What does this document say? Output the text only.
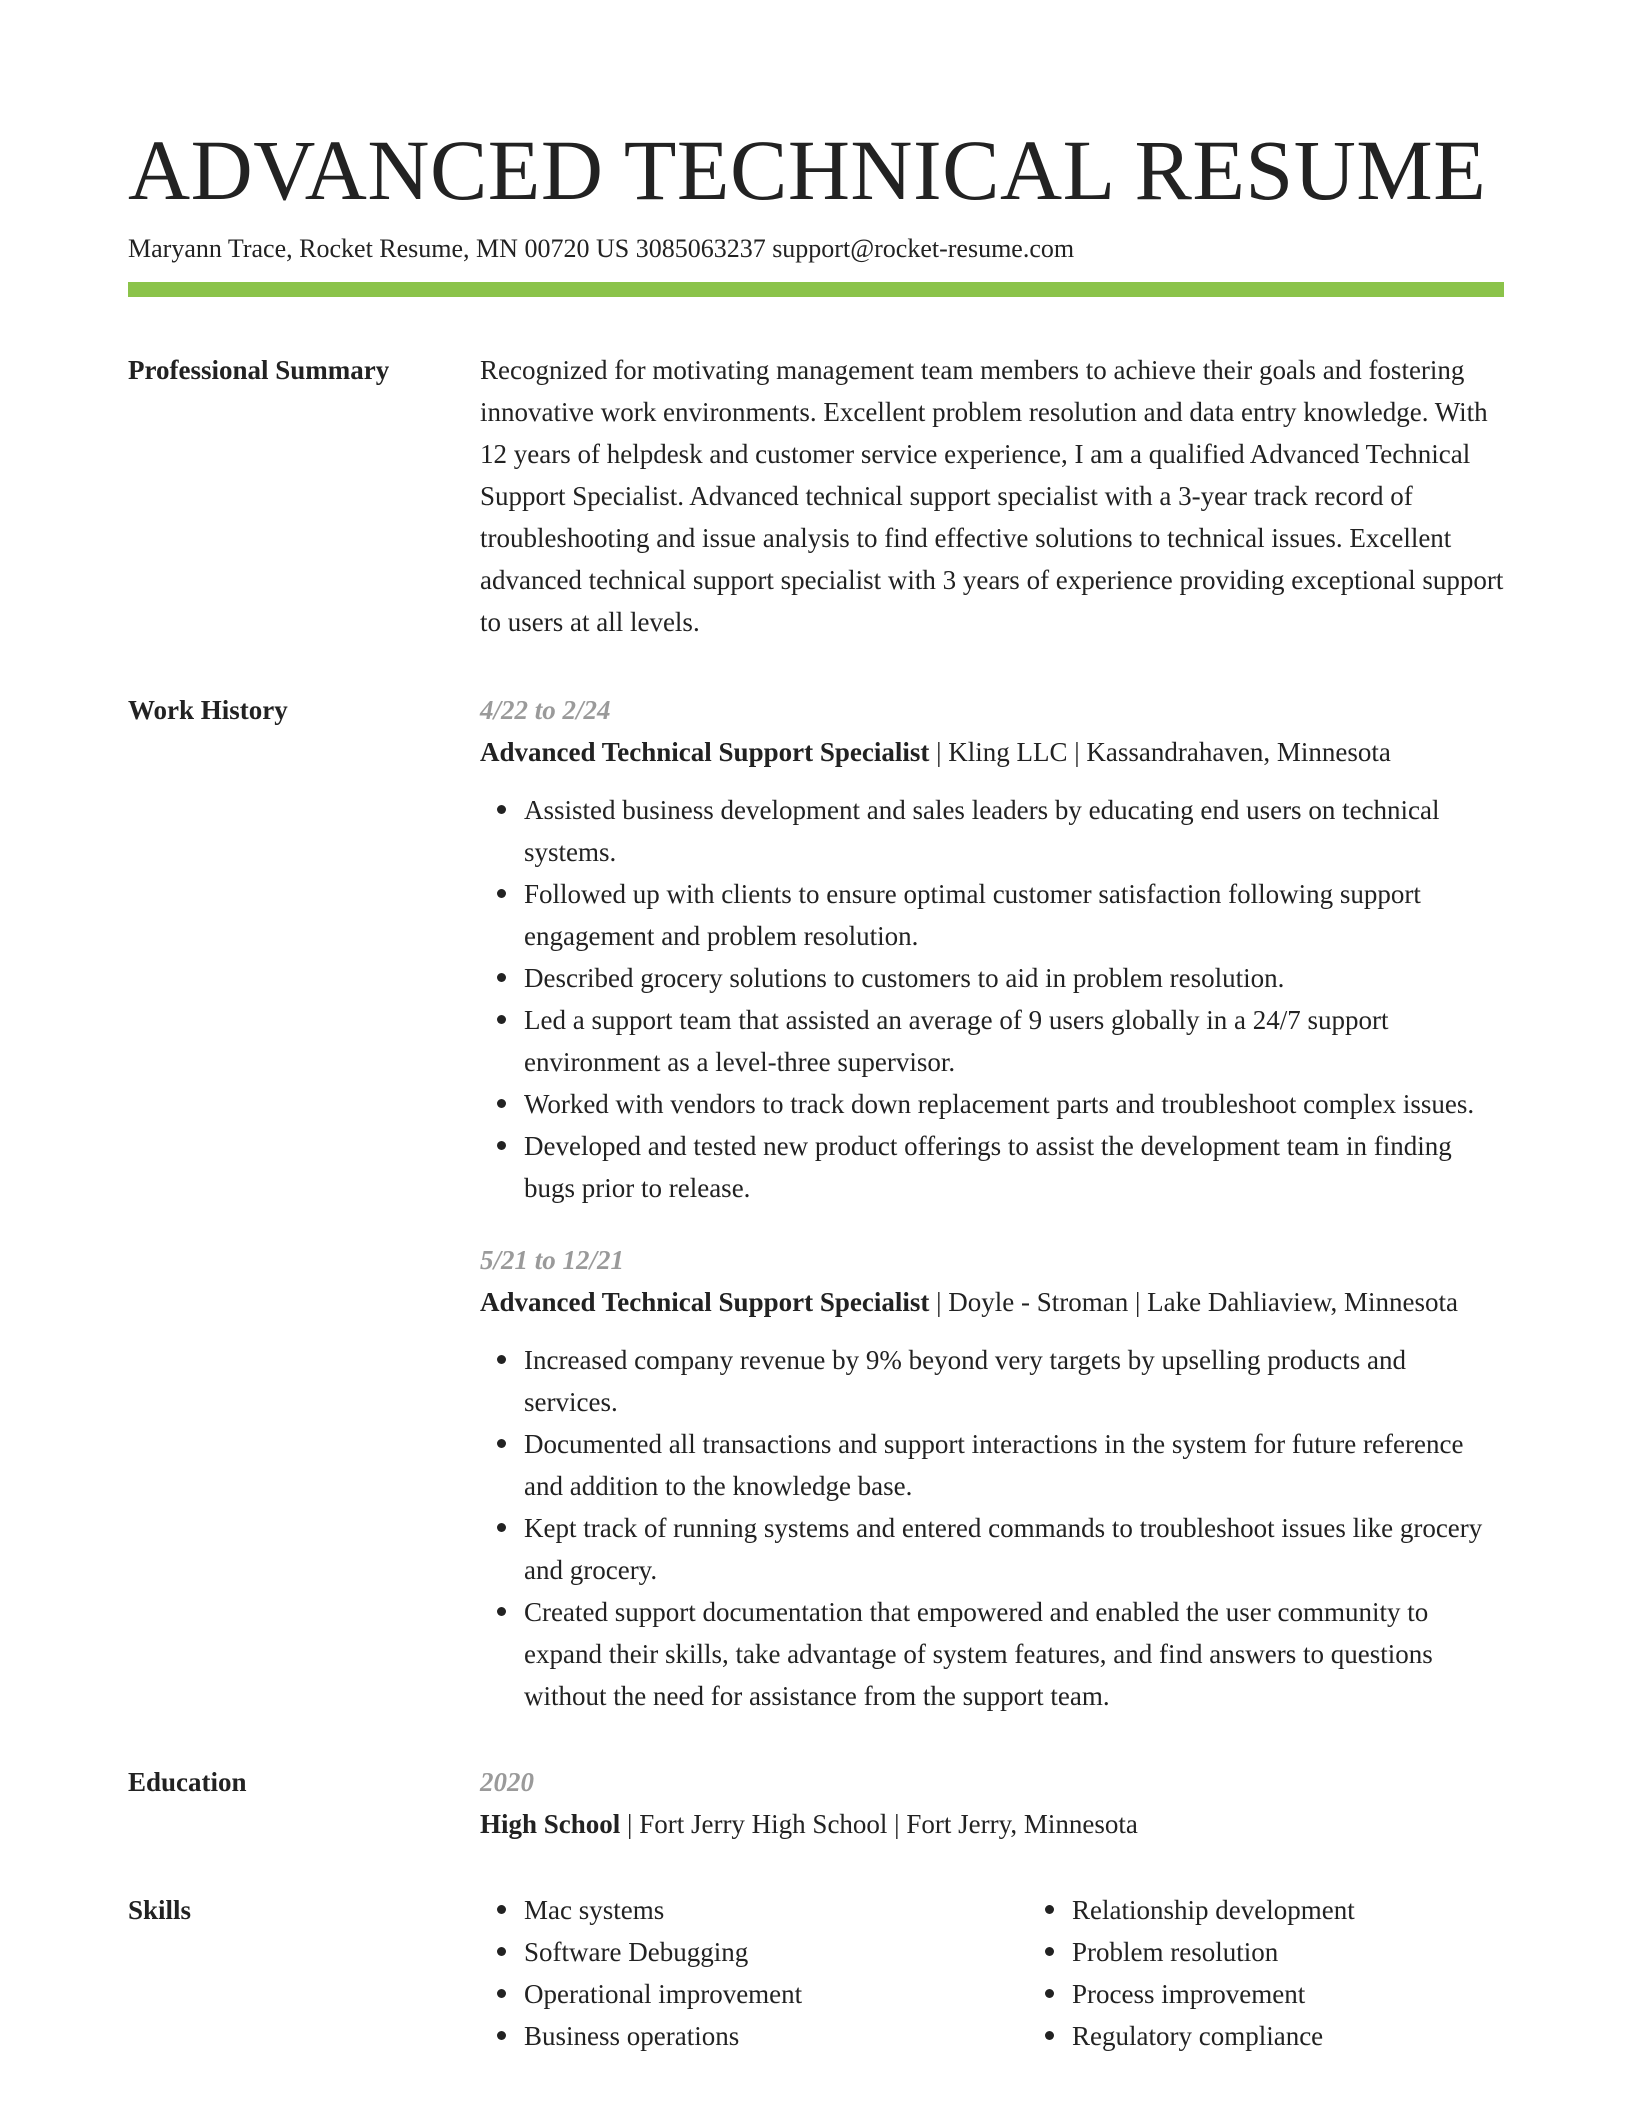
ADVANCED TECHNICAL RESUME
Maryann Trace, Rocket Resume, MN 00720 US 3085063237 support@rocket-resume.com
Professional Summary	Recognized for motivating management team members to achieve their goals and fostering innovative work environments. Excellent problem resolution and data entry knowledge. With 12 years of helpdesk and customer service experience, I am a qualified Advanced Technical Support Specialist. Advanced technical support specialist with a 3-year track record of troubleshooting and issue analysis to find effective solutions to technical issues. Excellent advanced technical support specialist with 3 years of experience providing exceptional support to users at all levels.

Work History	4/22 to 2/24
Advanced Technical Support Specialist | Kling LLC | Kassandrahaven, Minnesota
Assisted business development and sales leaders by educating end users on technical systems.
Followed up with clients to ensure optimal customer satisfaction following support engagement and problem resolution.
Described grocery solutions to customers to aid in problem resolution.
Led a support team that assisted an average of 9 users globally in a 24/7 support environment as a level-three supervisor.
Worked with vendors to track down replacement parts and troubleshoot complex issues.
Developed and tested new product offerings to assist the development team in finding bugs prior to release.
5/21 to 12/21
Advanced Technical Support Specialist | Doyle - Stroman | Lake Dahliaview, Minnesota
Increased company revenue by 9% beyond very targets by upselling products and services.
Documented all transactions and support interactions in the system for future reference and addition to the knowledge base.
Kept track of running systems and entered commands to troubleshoot issues like grocery and grocery.
Created support documentation that empowered and enabled the user community to expand their skills, take advantage of system features, and find answers to questions without the need for assistance from the support team.
Education	2020
High School | Fort Jerry High School | Fort Jerry, Minnesota
Skills	Mac systems
Software Debugging
Operational improvement
Business operations
Relationship development
Problem resolution
Process improvement
Regulatory compliance
